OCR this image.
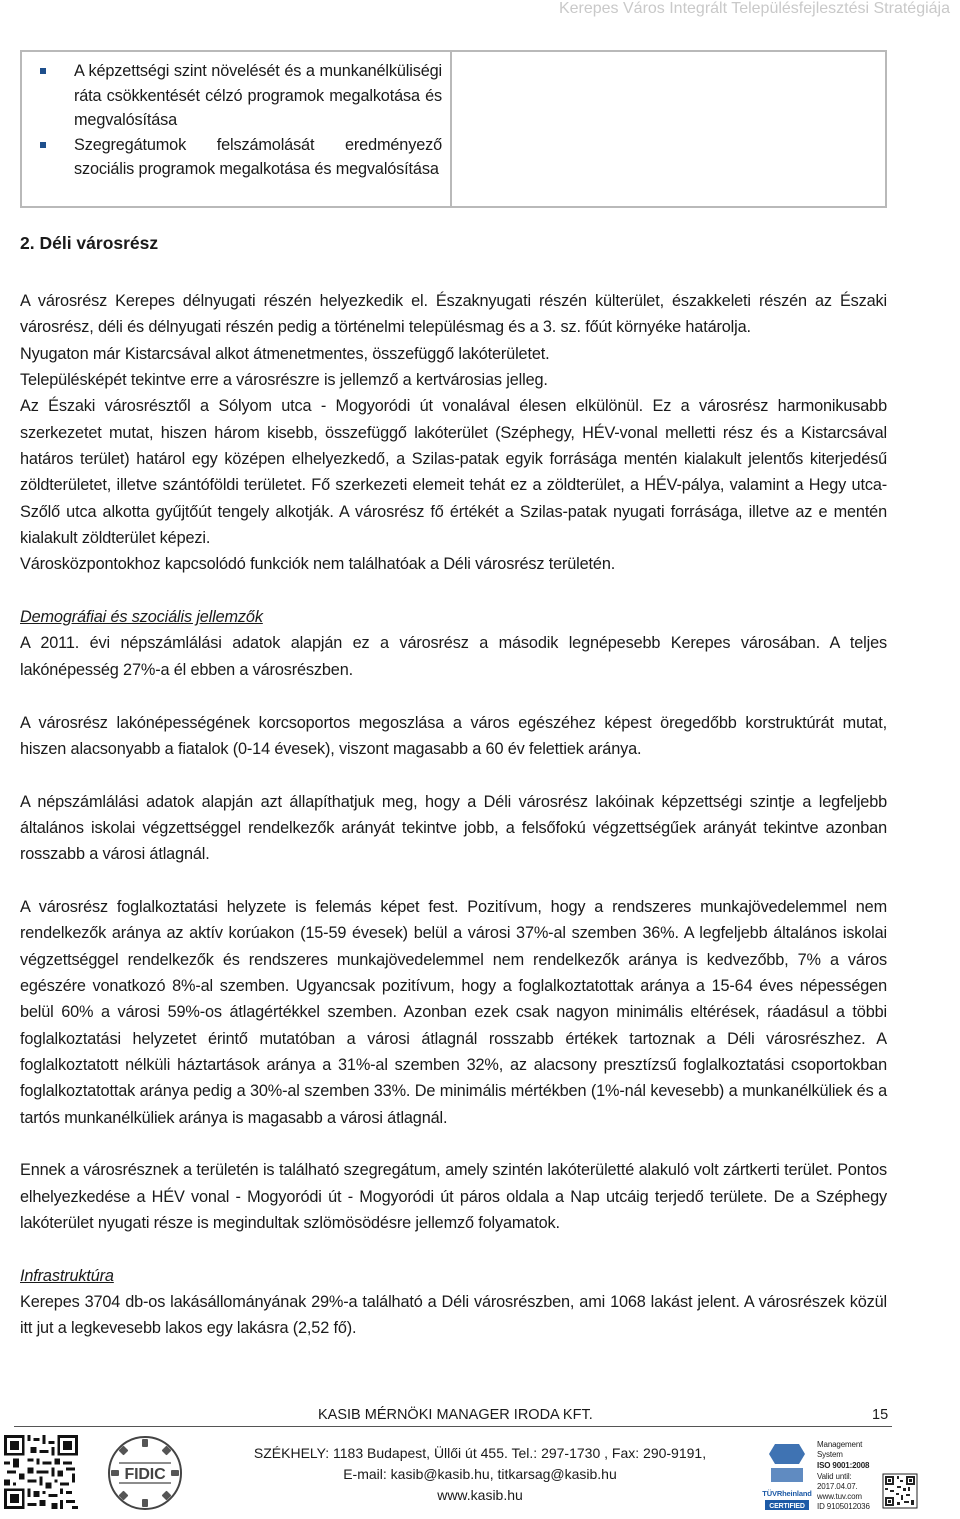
Kerepes Város Integrált Településfejlesztési Stratégiája
A képzettségi szint növelését és a munkanélküliségi ráta csökkentését célzó programok megalkotása és megvalósítása
Szegregátumok felszámolását eredményező szociális programok megalkotása és megvalósítása
2. Déli városrész

A városrész Kerepes délnyugati részén helyezkedik el. Északnyugati részén külterület, északkeleti részén az Északi városrész, déli és délnyugati részén pedig a történelmi településmag és a 3. sz. főút környéke határolja.

Nyugaton már Kistarcsával alkot átmenetmentes, összefüggő lakóterületet.

Településképét tekintve erre a városrészre is jellemző a kertvárosias jelleg.

Az Északi városrésztől a Sólyom utca - Mogyoródi út vonalával élesen elkülönül. Ez a városrész harmonikusabb szerkezetet mutat, hiszen három kisebb, összefüggő lakóterület (Széphegy, HÉV-vonal melletti rész és a Kistarcsával határos terület) határol egy középen elhelyezkedő, a Szilas-patak egyik forrásága mentén kialakult jelentős kiterjedésű zöldterületet, illetve szántóföldi területet. Fő szerkezeti elemeit tehát ez a zöldterület, a HÉV-pálya, valamint a Hegy utca- Szőlő utca alkotta gyűjtőút tengely alkotják. A városrész fő értékét a Szilas-patak nyugati forrásága, illetve az e mentén kialakult zöldterület képezi.

Városközpontokhoz kapcsolódó funkciók nem találhatóak a Déli városrész területén.

Demográfiai és szociális jellemzők

A 2011. évi népszámlálási adatok alapján ez a városrész a második legnépesebb Kerepes városában. A teljes lakónépesség 27%-a él ebben a városrészben.

A városrész lakónépességének korcsoportos megoszlása a város egészéhez képest öregedőbb korstruktúrát mutat, hiszen alacsonyabb a fiatalok (0-14 évesek), viszont magasabb a 60 év felettiek aránya.

A népszámlálási adatok alapján azt állapíthatjuk meg, hogy a Déli városrész lakóinak képzettségi szintje a legfeljebb általános iskolai végzettséggel rendelkezők arányát tekintve jobb, a felsőfokú végzettségűek arányát tekintve azonban rosszabb a városi átlagnál.

A városrész foglalkoztatási helyzete is felemás képet fest. Pozitívum, hogy a rendszeres munkajövedelemmel nem rendelkezők aránya az aktív korúakon (15-59 évesek) belül a városi 37%-al szemben 36%. A legfeljebb általános iskolai végzettséggel rendelkezők és rendszeres munkajövedelemmel nem rendelkezők aránya is kedvezőbb, 7% a város egészére vonatkozó 8%-al szemben. Ugyancsak pozitívum, hogy a foglalkoztatottak aránya a 15-64 éves népességen belül 60% a városi 59%-os átlagértékkel szemben. Azonban ezek csak nagyon minimális eltérések, ráadásul a többi foglalkoztatási helyzetet érintő mutatóban a városi átlagnál rosszabb értékek tartoznak a Déli városrészhez. A foglalkoztatott nélküli háztartások aránya a 31%-al szemben 32%, az alacsony presztízsű foglalkoztatási csoportokban foglalkoztatottak aránya pedig a 30%-al szemben 33%. De minimális mértékben (1%-nál kevesebb) a munkanélküliek és a tartós munkanélküliek aránya is magasabb a városi átlagnál.

Ennek a városrésznek a területén is található szegregátum, amely szintén lakóterületté alakuló volt zártkerti terület. Pontos elhelyezkedése a HÉV vonal - Mogyoródi út - Mogyoródi út páros oldala a Nap utcáig terjedő területe. De a Széphegy lakóterület nyugati része is megindultak szlömösödésre jellemző folyamatok.

Infrastruktúra

Kerepes 3704 db-os lakásállományának 29%-a található a Déli városrészben, ami 1068 lakást jelent. A városrészek közül itt jut a legkevesebb lakos egy lakásra (2,52 fő).

KASIB MÉRNÖKI MANAGER IRODA KFT.	15
FIDIC
SZÉKHELY: 1183 Budapest, Üllői út 455. Tel.: 297-1730 , Fax: 290-9191,
E-mail: kasib@kasib.hu, titkarsag@kasib.hu
www.kasib.hu	TÜVRheinland
CERTIFIED
Management
System
ISO 9001:2008
Valid until:
2017.04.07.
www.tuv.com
ID 9105012036
